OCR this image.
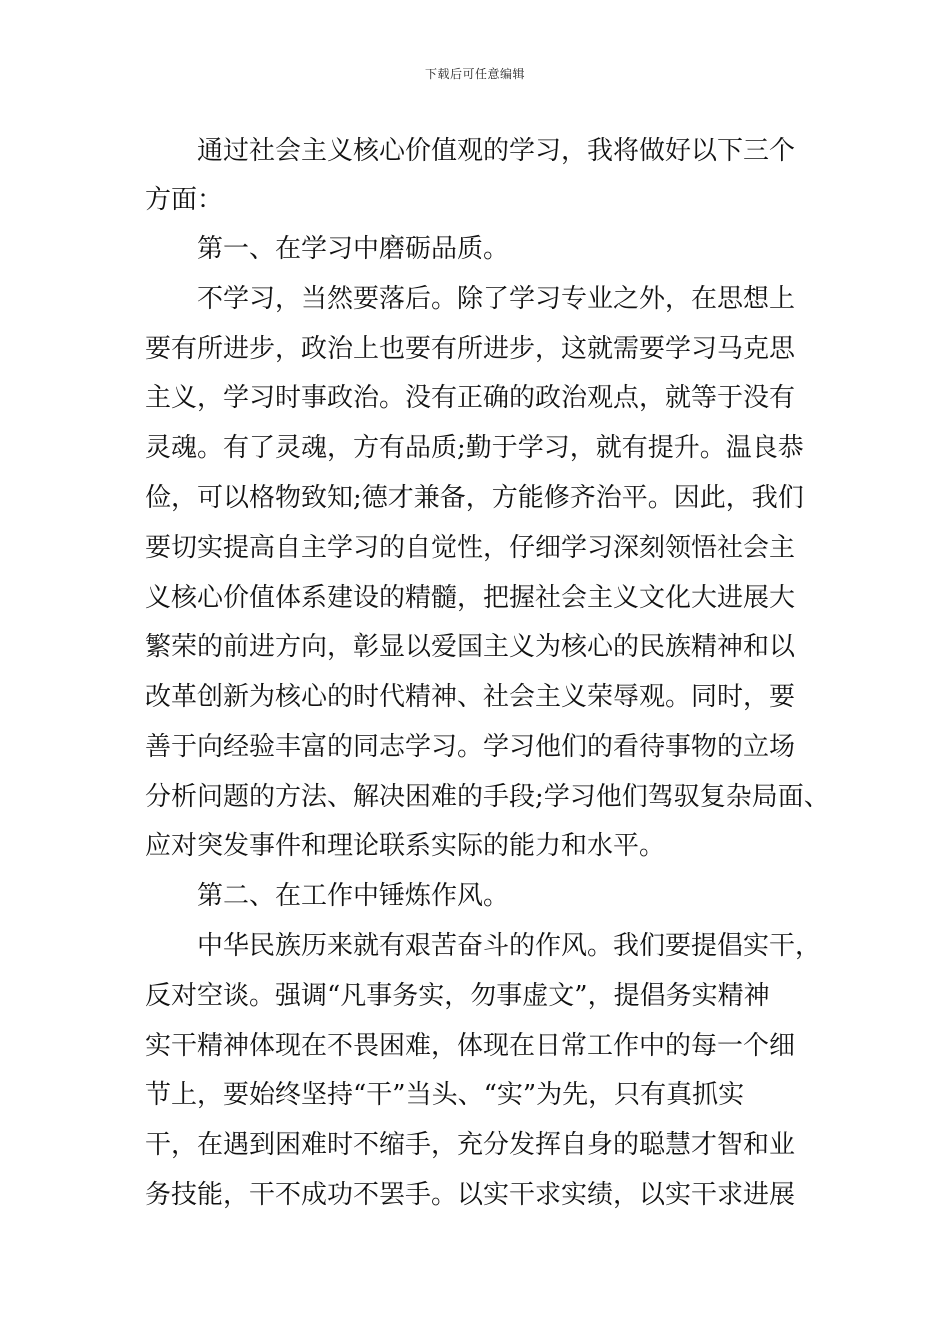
下载后可任意编辑
通过社会主义核心价值观的学习，我将做好以下三个
方面：
第一、在学习中磨砺品质。
不学习，当然要落后。除了学习专业之外，在思想上
要有所进步，政治上也要有所进步，这就需要学习马克思
主义，学习时事政治。没有正确的政治观点，就等于没有
灵魂。有了灵魂，方有品质;勤于学习，就有提升。温良恭
俭，可以格物致知;德才兼备，方能修齐治平。因此，我们
要切实提高自主学习的自觉性，仔细学习深刻领悟社会主
义核心价值体系建设的精髓，把握社会主义文化大进展大
繁荣的前进方向，彰显以爱国主义为核心的民族精神和以
改革创新为核心的时代精神、社会主义荣辱观。同时，要
善于向经验丰富的同志学习。学习他们的看待事物的立场
分析问题的方法、解决困难的手段;学习他们驾驭复杂局面、
应对突发事件和理论联系实际的能力和水平。
第二、在工作中锤炼作风。
中华民族历来就有艰苦奋斗的作风。我们要提倡实干，
反对空谈。强调“凡事务实，勿事虚文”，提倡务实精神
实干精神体现在不畏困难，体现在日常工作中的每一个细
节上，要始终坚持“干”当头、“实”为先，只有真抓实
干，在遇到困难时不缩手，充分发挥自身的聪慧才智和业
务技能，干不成功不罢手。以实干求实绩，以实干求进展
